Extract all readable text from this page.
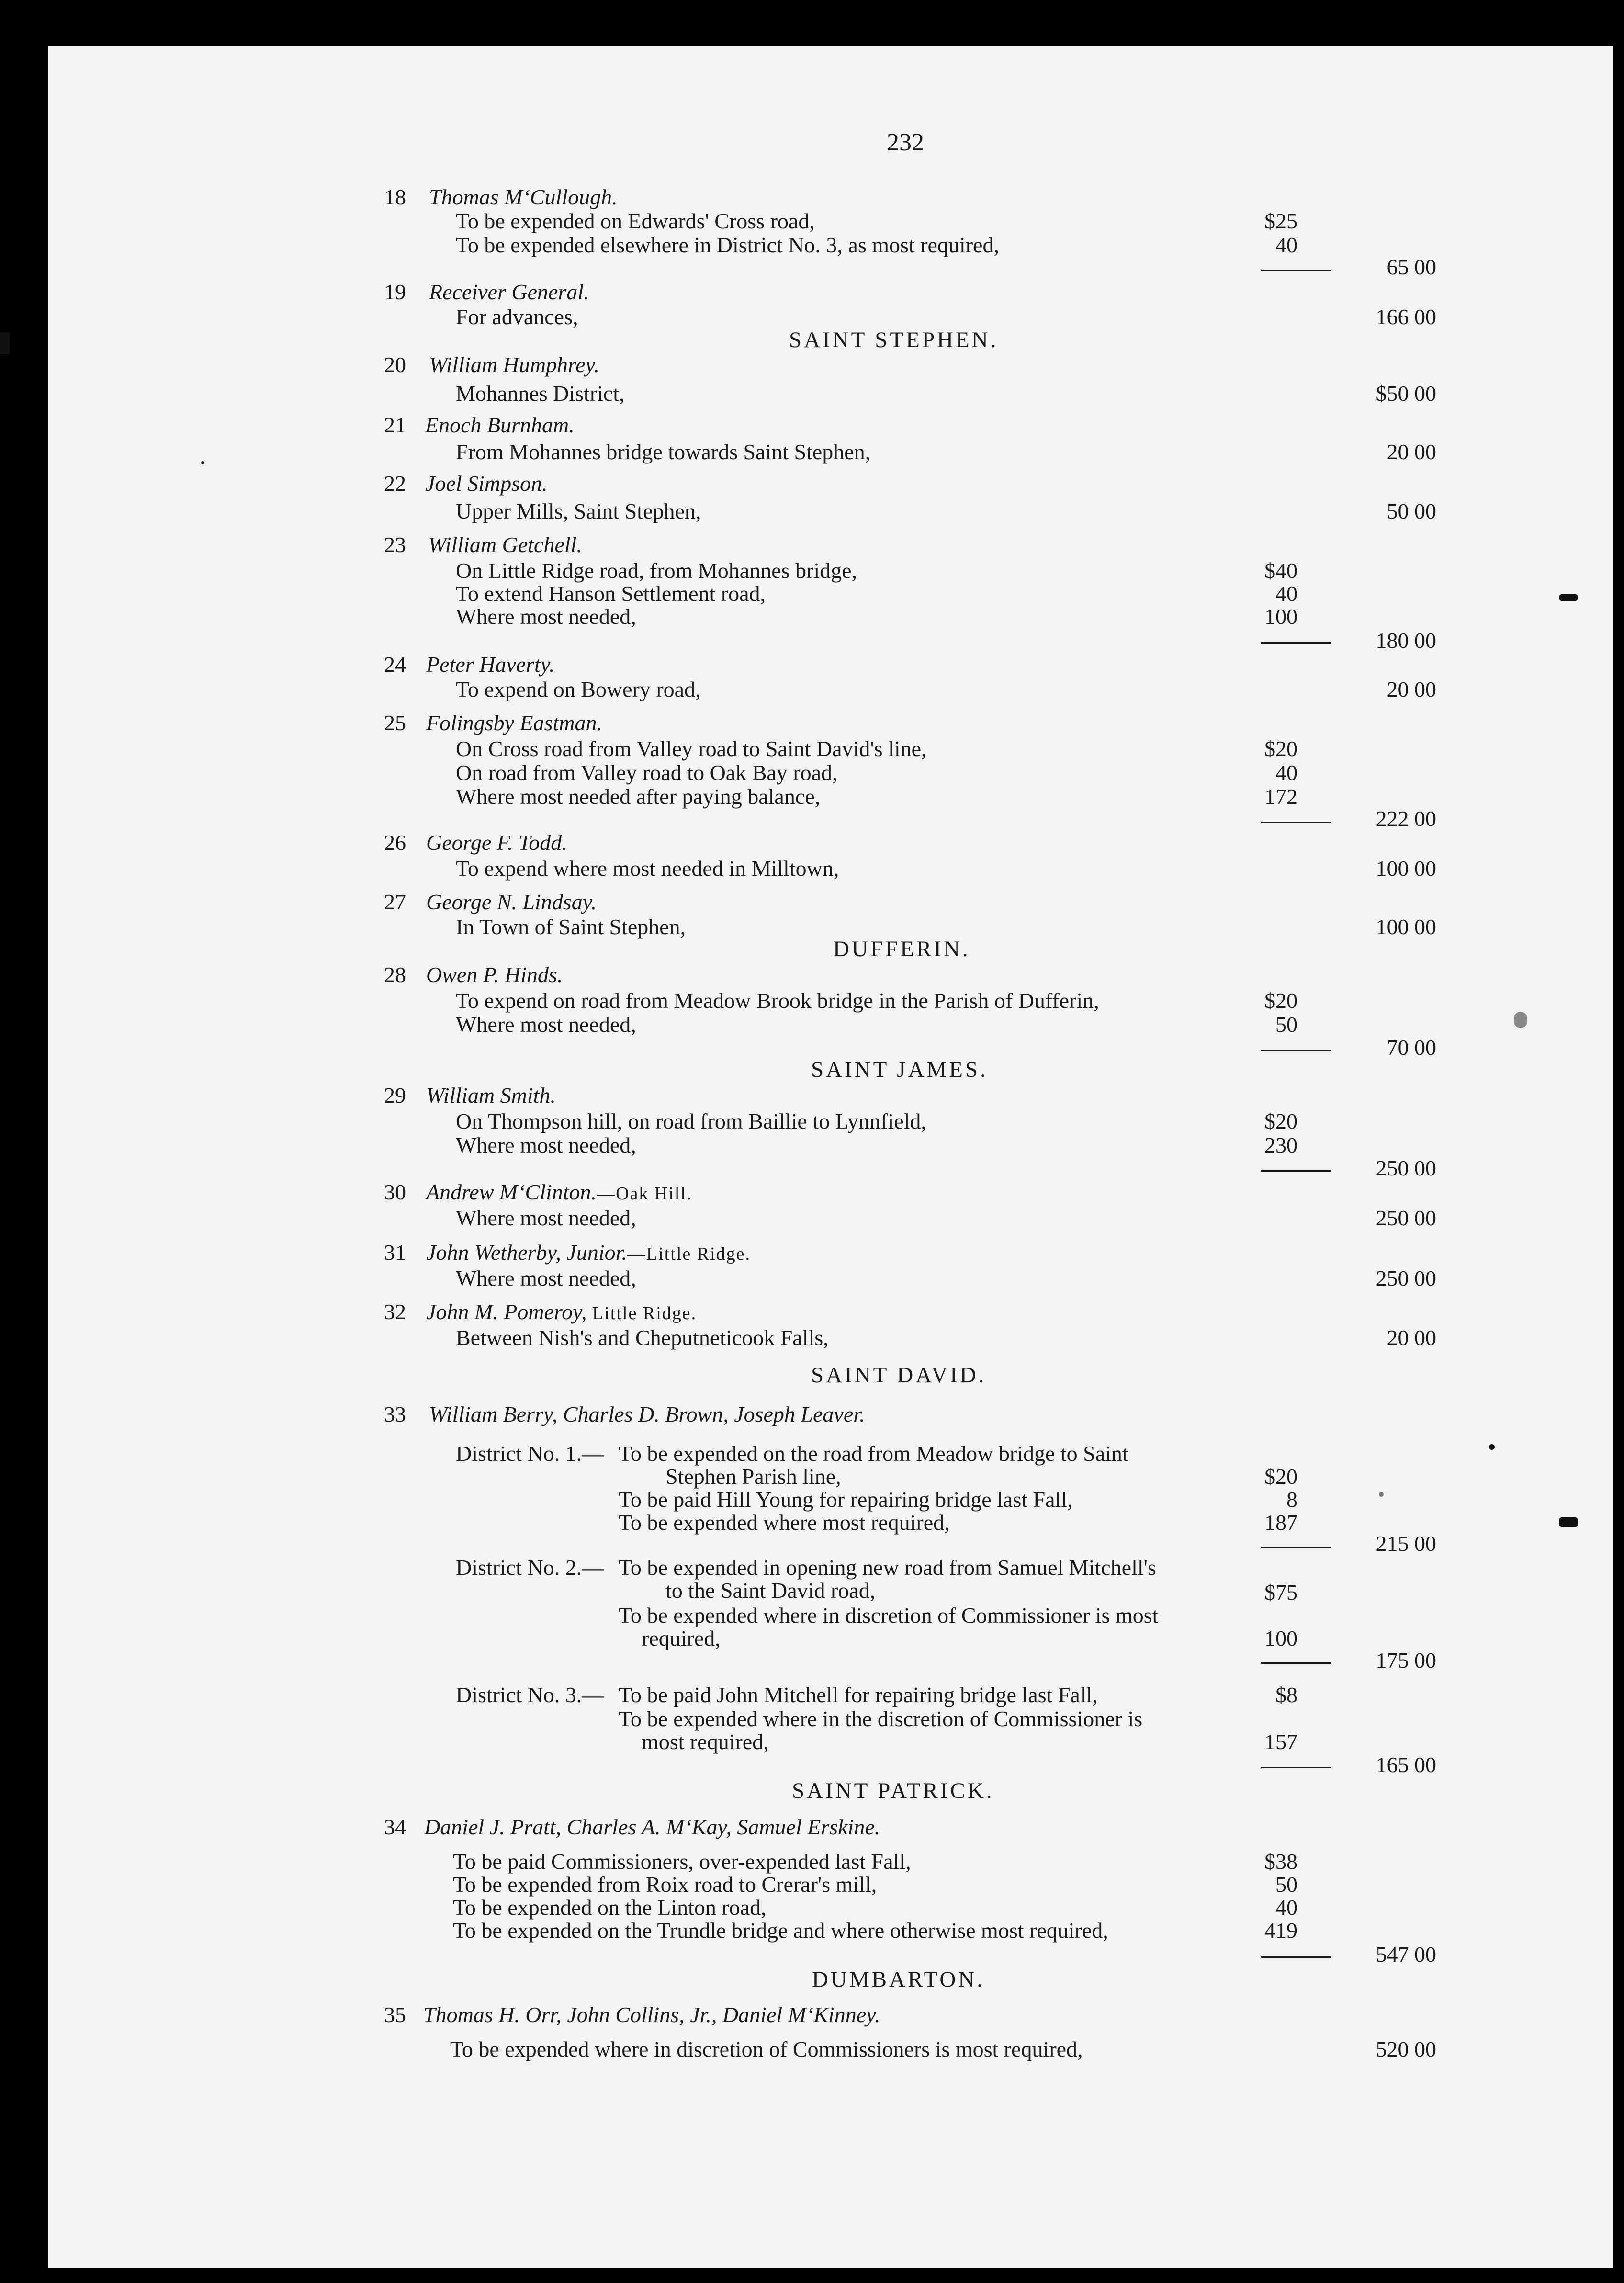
232
18 Thomas M‘Cullough.
To be expended on Edwards' Cross road,	$25
To be expended elsewhere in District No. 3, as most required,	40
65 00
19 Receiver General.
For advances,	166 00
SAINT STEPHEN.
20 William Humphrey.
Mohannes District,	$50 00
21 Enoch Burnham.
From Mohannes bridge towards Saint Stephen,	20 00
22 Joel Simpson.
Upper Mills, Saint Stephen,	50 00
23 William Getchell.
On Little Ridge road, from Mohannes bridge,	$40
To extend Hanson Settlement road,	40
Where most needed,	100
180 00
24 Peter Haverty.
To expend on Bowery road,	20 00
25 Folingsby Eastman.
On Cross road from Valley road to Saint David's line,	$20
On road from Valley road to Oak Bay road,	40
Where most needed after paying balance,	172
222 00
26 George F. Todd.
To expend where most needed in Milltown,	100 00
27 George N. Lindsay.
In Town of Saint Stephen,	100 00
DUFFERIN.
28 Owen P. Hinds.
To expend on road from Meadow Brook bridge in the Parish of Dufferin,	$20
Where most needed,	50
70 00
SAINT JAMES.
29 William Smith.
On Thompson hill, on road from Baillie to Lynnfield,	$20
Where most needed,	230
250 00
30 Andrew M‘Clinton.—Oak Hill.
Where most needed,	250 00
31 John Wetherby, Junior.—Little Ridge.
Where most needed,	250 00
32 John M. Pomeroy, Little Ridge.
Between Nish's and Cheputneticook Falls,	20 00
SAINT DAVID.
33 William Berry, Charles D. Brown, Joseph Leaver.
District No. 1.— To be expended on the road from Meadow bridge to Saint
Stephen Parish line,	$20
To be paid Hill Young for repairing bridge last Fall,	8
To be expended where most required,	187
215 00
District No. 2.— To be expended in opening new road from Samuel Mitchell's
to the Saint David road,	$75
To be expended where in discretion of Commissioner is most
required,	100
175 00
District No. 3.— To be paid John Mitchell for repairing bridge last Fall,	$8
To be expended where in the discretion of Commissioner is
most required,	157
165 00
SAINT PATRICK.
34 Daniel J. Pratt, Charles A. M‘Kay, Samuel Erskine.
To be paid Commissioners, over-expended last Fall,	$38
To be expended from Roix road to Crerar's mill,	50
To be expended on the Linton road,	40
To be expended on the Trundle bridge and where otherwise most required,	419
547 00
DUMBARTON.
35 Thomas H. Orr, John Collins, Jr., Daniel M‘Kinney.
To be expended where in discretion of Commissioners is most required,	520 00
